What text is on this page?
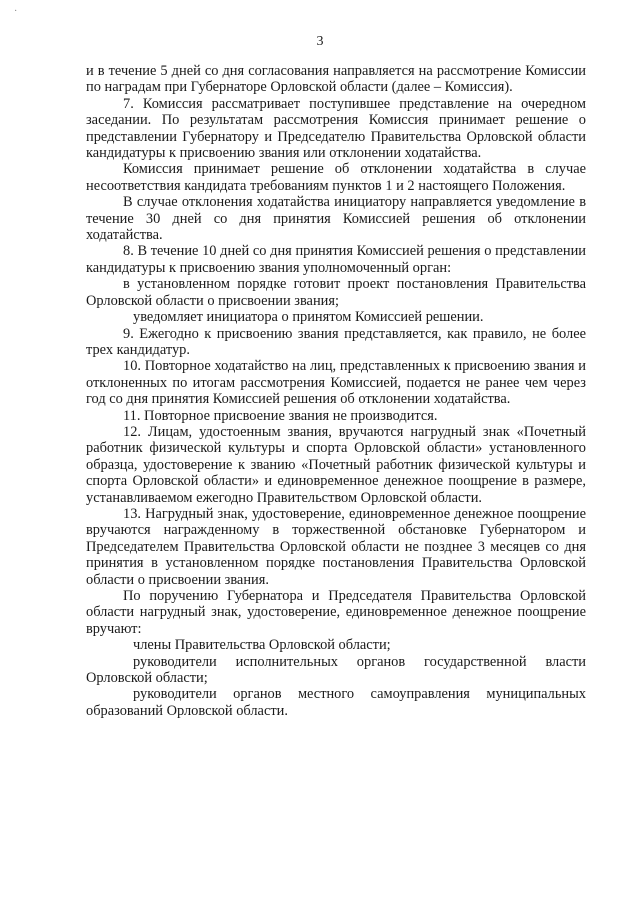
·
3

и в течение 5 дней со дня согласования направляется на рассмотрение Комиссии по наградам при Губернаторе Орловской области (далее – Комиссия).

7. Комиссия рассматривает поступившее представление на очередном заседании. По результатам рассмотрения Комиссия принимает решение о представлении Губернатору и Председателю Правительства Орловской области кандидатуры к присвоению звания или отклонении ходатайства.

Комиссия принимает решение об отклонении ходатайства в случае несоответствия кандидата требованиям пунктов 1 и 2 настоящего Положения.

В случае отклонения ходатайства инициатору направляется уведомление в течение 30 дней со дня принятия Комиссией решения об отклонении ходатайства.

8. В течение 10 дней со дня принятия Комиссией решения о представлении кандидатуры к присвоению звания уполномоченный орган:

в установленном порядке готовит проект постановления Правительства Орловской области о присвоении звания;

уведомляет инициатора о принятом Комиссией решении.

9. Ежегодно к присвоению звания представляется, как правило, не более трех кандидатур.

10. Повторное ходатайство на лиц, представленных к присвоению звания и отклоненных по итогам рассмотрения Комиссией, подается не ранее чем через год со дня принятия Комиссией решения об отклонении ходатайства.

11. Повторное присвоение звания не производится.

12. Лицам, удостоенным звания, вручаются нагрудный знак «Почетный работник физической культуры и спорта Орловской области» установленного образца, удостоверение к званию «Почетный работник физической культуры и спорта Орловской области» и единовременное денежное поощрение в размере, устанавливаемом ежегодно Правительством Орловской области.

13. Нагрудный знак, удостоверение, единовременное денежное поощрение вручаются награжденному в торжественной обстановке Губернатором и Председателем Правительства Орловской области не позднее 3 месяцев со дня принятия в установленном порядке постановления Правительства Орловской области о присвоении звания.

По поручению Губернатора и Председателя Правительства Орловской области нагрудный знак, удостоверение, единовременное денежное поощрение вручают:

члены Правительства Орловской области;

руководители исполнительных органов государственной власти Орловской области;

руководители органов местного самоуправления муниципальных образований Орловской области.
